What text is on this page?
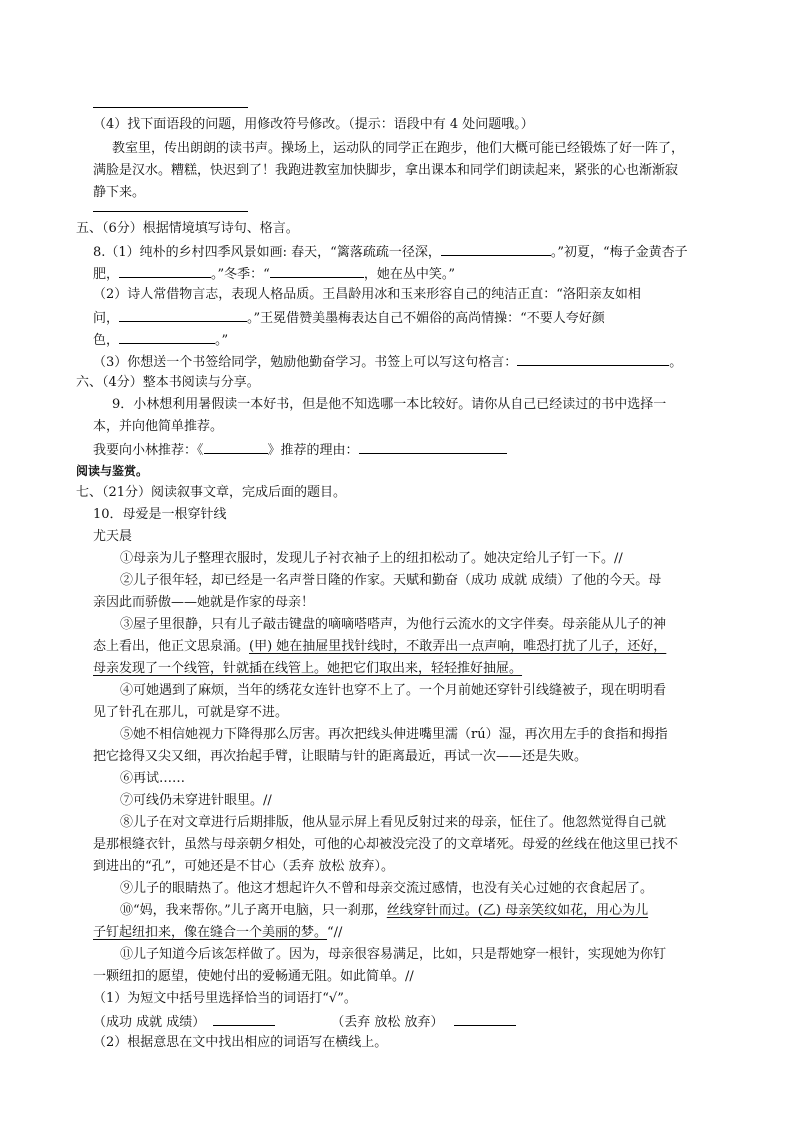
（4）找下面语段的问题，用修改符号修改。（提示：语段中有 4 处问题哦。）
教室里，传出朗朗的读书声。操场上，运动队的同学正在跑步，他们大概可能已经锻炼了好一阵了，
满脸是汉水。糟糕，快迟到了！我跑进教室加快脚步，拿出课本和同学们朗读起来，紧张的心也渐渐寂
静下来。
五、（6分）根据情境填写诗句、格言。
8.（1）纯朴的乡村四季风景如画: 春天，“篱落疏疏一径深，	。”初夏，“梅子金黄杏子
肥，	。”冬季：“	，她在丛中笑。”
（2）诗人常借物言志，表现人格品质。王昌龄用冰和玉来形容自己的纯洁正直：“洛阳亲友如相
问，	。”王冕借赞美墨梅表达自己不媚俗的高尚情操：“不要人夸好颜
色，	。”
（3）你想送一个书签给同学，勉励他勤奋学习。书签上可以写这句格言：	。
六、（4分）整本书阅读与分享。
9．小林想利用暑假读一本好书，但是他不知选哪一本比较好。请你从自己已经读过的书中选择一
本，并向他简单推荐。
我要向小林推荐：《	》推荐的理由：
阅读与鉴赏。
七、（21分）阅读叙事文章，完成后面的题目。
10．母爱是一根穿针线
尤天晨
①母亲为儿子整理衣服时，发现儿子衬衣袖子上的纽扣松动了。她决定给儿子钉一下。//
②儿子很年轻，却已经是一名声誉日隆的作家。天赋和勤奋（成功 成就 成绩）了他的今天。母
亲因此而骄傲——她就是作家的母亲！
③屋子里很静，只有儿子敲击键盘的嘀嘀嗒嗒声，为他行云流水的文字伴奏。母亲能从儿子的神
态上看出，他正文思泉涌。(甲) 她在抽屉里找针线时，不敢弄出一点声响，唯恐打扰了儿子，还好，
母亲发现了一个线管，针就插在线管上。她把它们取出来，轻轻推好抽屉。
④可她遇到了麻烦，当年的绣花女连针也穿不上了。一个月前她还穿针引线缝被子，现在明明看
见了针孔在那儿，可就是穿不进。
⑤她不相信她视力下降得那么厉害。再次把线头伸进嘴里濡（rú）湿，再次用左手的食指和拇指
把它捻得又尖又细，再次抬起手臂，让眼睛与针的距离最近，再试一次——还是失败。
⑥再试……
⑦可线仍未穿进针眼里。//
⑧儿子在对文章进行后期排版，他从显示屏上看见反射过来的母亲，怔住了。他忽然觉得自己就
是那根缝衣针，虽然与母亲朝夕相处，可他的心却被没完没了的文章堵死。母爱的丝线在他这里已找不
到进出的“孔”，可她还是不甘心（丢弃 放松 放弃）。
⑨儿子的眼睛热了。他这才想起许久不曾和母亲交流过感情，也没有关心过她的衣食起居了。
⑩“妈，我来帮你。”儿子离开电脑，只一刹那，丝线穿针而过。(乙) 母亲笑纹如花，用心为儿
子钉起纽扣来，像在缝合一个美丽的梦。“//
⑪儿子知道今后该怎样做了。因为，母亲很容易满足，比如，只是帮她穿一根针，实现她为你钉
一颗纽扣的愿望，使她付出的爱畅通无阻。如此简单。//
（1）为短文中括号里选择恰当的词语打“√”。
（成功 成就 成绩）	（丢弃 放松 放弃）
（2）根据意思在文中找出相应的词语写在横线上。
